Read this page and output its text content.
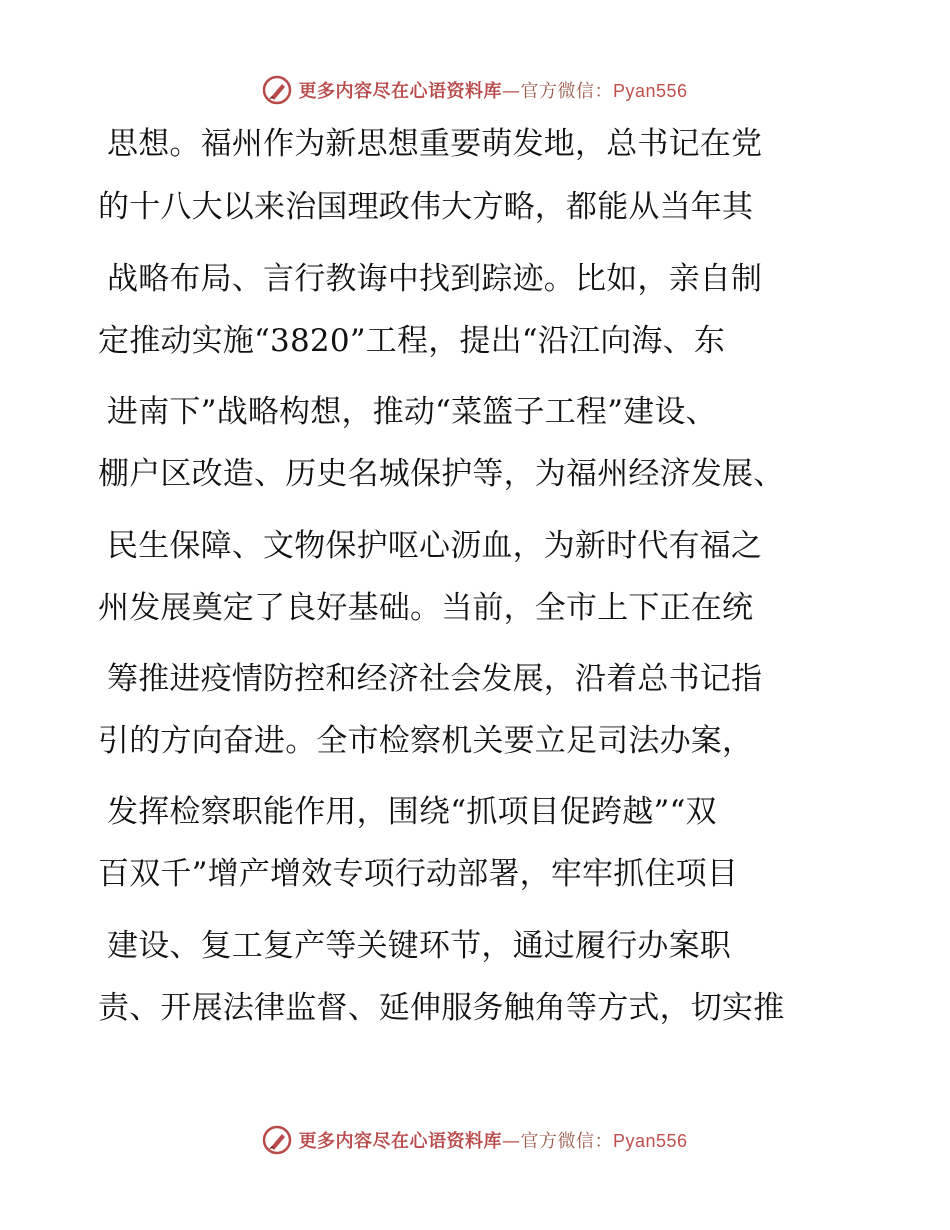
更多内容尽在心语资料库—官方微信：Pyan556
思想。福州作为新思想重要萌发地，总书记在党
的十八大以来治国理政伟大方略，都能从当年其
战略布局、言行教诲中找到踪迹。比如，亲自制
定推动实施“3820”工程，提出“沿江向海、东
进南下”战略构想，推动“菜篮子工程”建设、
棚户区改造、历史名城保护等，为福州经济发展、
民生保障、文物保护呕心沥血，为新时代有福之
州发展奠定了良好基础。当前，全市上下正在统
筹推进疫情防控和经济社会发展，沿着总书记指
引的方向奋进。全市检察机关要立足司法办案，
发挥检察职能作用，围绕“抓项目促跨越”“双
百双千”增产增效专项行动部署，牢牢抓住项目
建设、复工复产等关键环节，通过履行办案职
责、开展法律监督、延伸服务触角等方式，切实推
更多内容尽在心语资料库—官方微信：Pyan556
